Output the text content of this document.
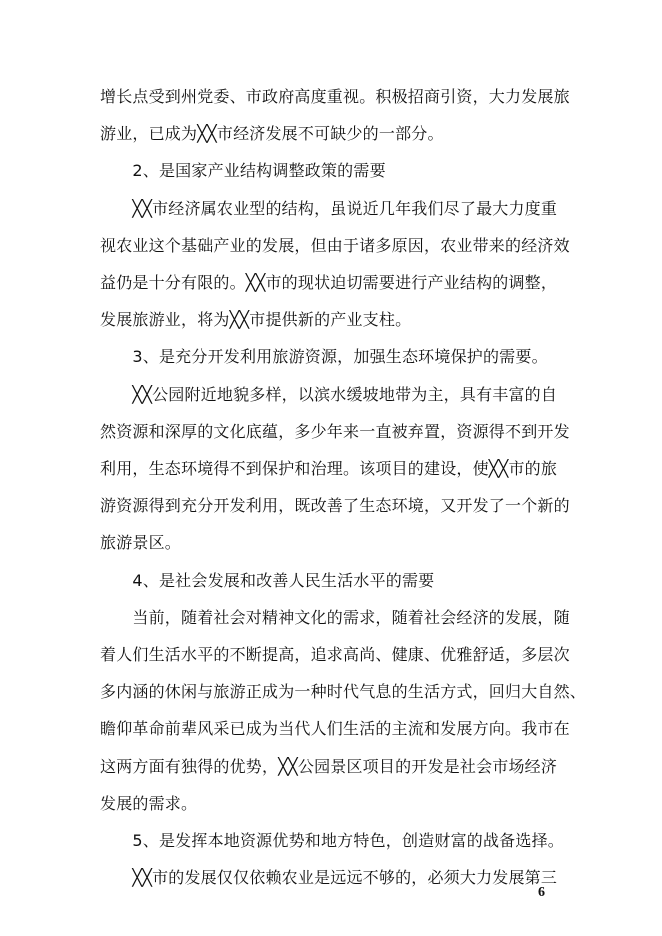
增长点受到州党委、市政府高度重视。积极招商引资，大力发展旅
游业，已成为╳╳市经济发展不可缺少的一部分。
　　2、是国家产业结构调整政策的需要
　　╳╳市经济属农业型的结构，虽说近几年我们尽了最大力度重
视农业这个基础产业的发展，但由于诸多原因，农业带来的经济效
益仍是十分有限的。╳╳市的现状迫切需要进行产业结构的调整，
发展旅游业，将为╳╳市提供新的产业支柱。
　　3、是充分开发利用旅游资源，加强生态环境保护的需要。
　　╳╳公园附近地貌多样，以滨水缓坡地带为主，具有丰富的自
然资源和深厚的文化底蕴，多少年来一直被弃置，资源得不到开发
利用，生态环境得不到保护和治理。该项目的建设，使╳╳市的旅
游资源得到充分开发利用，既改善了生态环境，又开发了一个新的
旅游景区。
　　4、是社会发展和改善人民生活水平的需要
　　当前，随着社会对精神文化的需求，随着社会经济的发展，随
着人们生活水平的不断提高，追求高尚、健康、优雅舒适，多层次
多内涵的休闲与旅游正成为一种时代气息的生活方式，回归大自然、
瞻仰革命前辈风采已成为当代人们生活的主流和发展方向。我市在
这两方面有独得的优势，╳╳公园景区项目的开发是社会市场经济
发展的需求。
　　5、是发挥本地资源优势和地方特色，创造财富的战备选择。
　　╳╳市的发展仅仅依赖农业是远远不够的，必须大力发展第三
6
